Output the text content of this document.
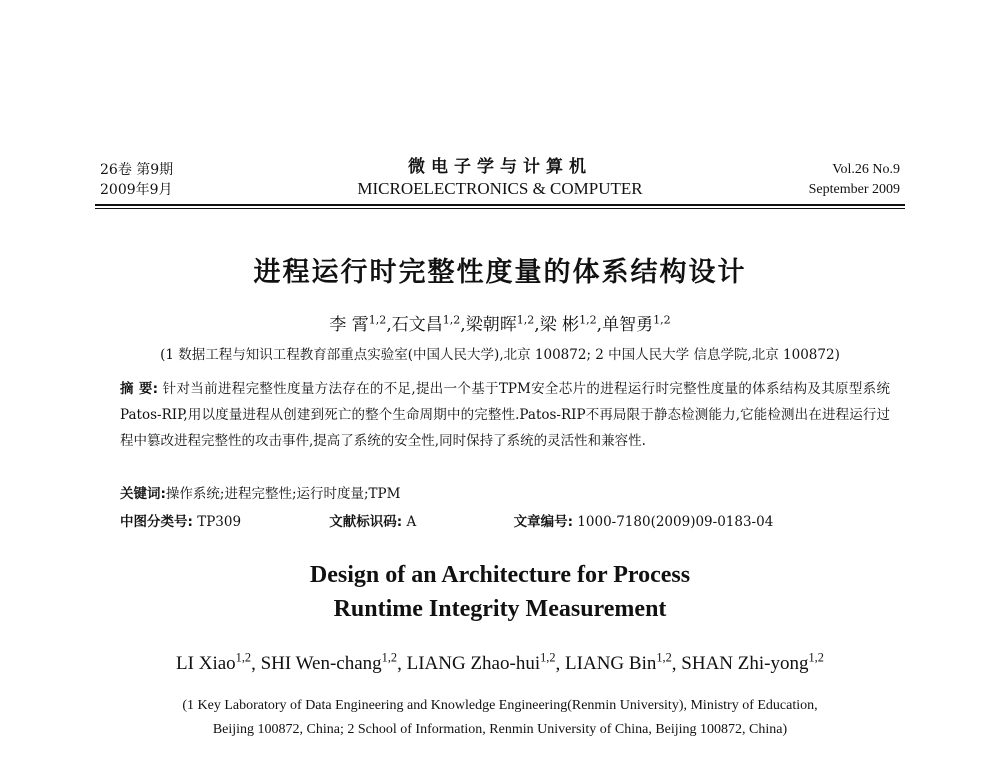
26卷 第9期
2009年9月
微电子学与计算机
MICROELECTRONICS & COMPUTER
Vol.26 No.9
September 2009
进程运行时完整性度量的体系结构设计
李 霄$^{1,2}$,石文昌$^{1,2}$,梁朝晖$^{1,2}$,梁 彬$^{1,2}$,单智勇$^{1,2}$
(1 数据工程与知识工程教育部重点实验室(中国人民大学),北京 100872; 2 中国人民大学 信息学院,北京 100872)
摘 要: 针对当前进程完整性度量方法存在的不足,提出一个基于TPM安全芯片的进程运行时完整性度量的体系结构及其原型系统Patos-RIP,用以度量进程从创建到死亡的整个生命周期中的完整性.Patos-RIP不再局限于静态检测能力,它能检测出在进程运行过程中篡改进程完整性的攻击事件,提高了系统的安全性,同时保持了系统的灵活性和兼容性.
关键词:操作系统;进程完整性;运行时度量;TPM
中图分类号: TP309	文献标识码: A	文章编号: 1000-7180(2009)09-0183-04
Design of an Architecture for Process
Runtime Integrity Measurement
LI Xiao$^{1,2}$, SHI Wen-chang$^{1,2}$, LIANG Zhao-hui$^{1,2}$, LIANG Bin$^{1,2}$, SHAN Zhi-yong$^{1,2}$
(1 Key Laboratory of Data Engineering and Knowledge Engineering(Renmin University), Ministry of Education,
Beijing 100872, China; 2 School of Information, Renmin University of China, Beijing 100872, China)
